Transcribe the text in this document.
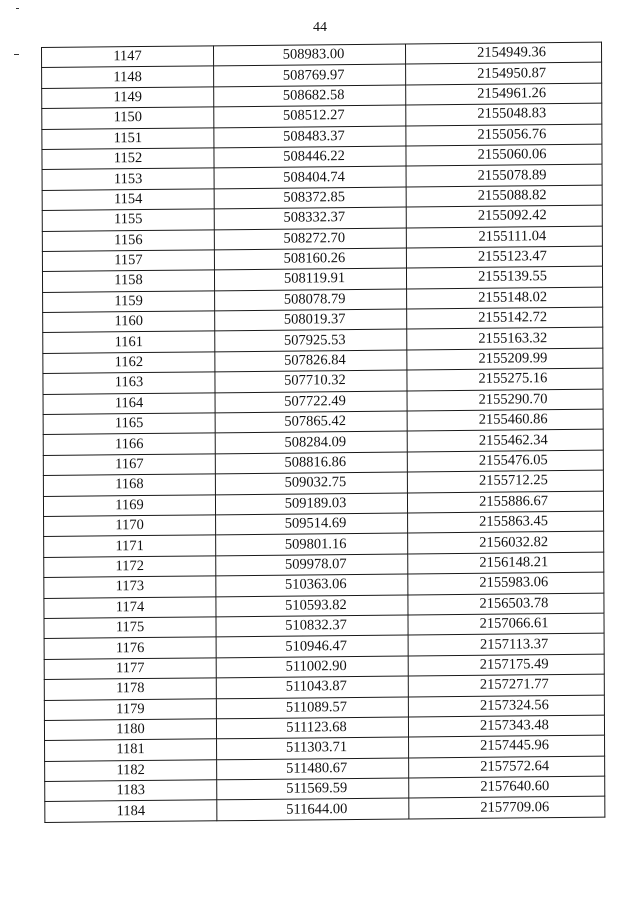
44
1147	508983.00	2154949.36
1148	508769.97	2154950.87
1149	508682.58	2154961.26
1150	508512.27	2155048.83
1151	508483.37	2155056.76
1152	508446.22	2155060.06
1153	508404.74	2155078.89
1154	508372.85	2155088.82
1155	508332.37	2155092.42
1156	508272.70	2155111.04
1157	508160.26	2155123.47
1158	508119.91	2155139.55
1159	508078.79	2155148.02
1160	508019.37	2155142.72
1161	507925.53	2155163.32
1162	507826.84	2155209.99
1163	507710.32	2155275.16
1164	507722.49	2155290.70
1165	507865.42	2155460.86
1166	508284.09	2155462.34
1167	508816.86	2155476.05
1168	509032.75	2155712.25
1169	509189.03	2155886.67
1170	509514.69	2155863.45
1171	509801.16	2156032.82
1172	509978.07	2156148.21
1173	510363.06	2155983.06
1174	510593.82	2156503.78
1175	510832.37	2157066.61
1176	510946.47	2157113.37
1177	511002.90	2157175.49
1178	511043.87	2157271.77
1179	511089.57	2157324.56
1180	511123.68	2157343.48
1181	511303.71	2157445.96
1182	511480.67	2157572.64
1183	511569.59	2157640.60
1184	511644.00	2157709.06
